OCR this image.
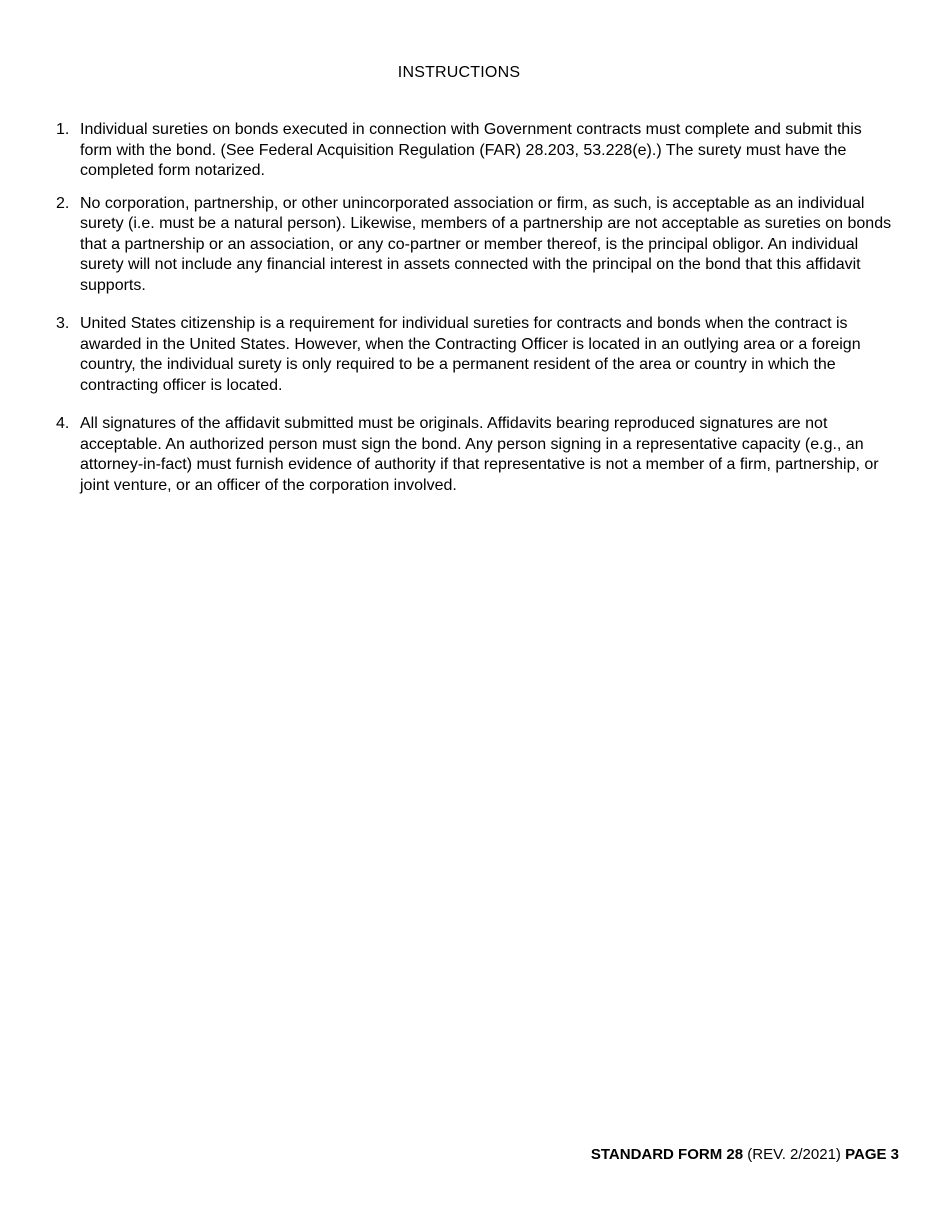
INSTRUCTIONS
1. Individual sureties on bonds executed in connection with Government contracts must complete and submit this form with the bond. (See Federal Acquisition Regulation (FAR) 28.203, 53.228(e).) The surety must have the completed form notarized.
2. No corporation, partnership, or other unincorporated association or firm, as such, is acceptable as an individual surety (i.e. must be a natural person). Likewise, members of a partnership are not acceptable as sureties on bonds that a partnership or an association, or any co-partner or member thereof, is the principal obligor. An individual surety will not include any financial interest in assets connected with the principal on the bond that this affidavit supports.
3. United States citizenship is a requirement for individual sureties for contracts and bonds when the contract is awarded in the United States. However, when the Contracting Officer is located in an outlying area or a foreign country, the individual surety is only required to be a permanent resident of the area or country in which the contracting officer is located.
4. All signatures of the affidavit submitted must be originals. Affidavits bearing reproduced signatures are not acceptable. An authorized person must sign the bond. Any person signing in a representative capacity (e.g., an attorney-in-fact) must furnish evidence of authority if that representative is not a member of a firm, partnership, or joint venture, or an officer of the corporation involved.
STANDARD FORM 28 (REV. 2/2021) PAGE 3
